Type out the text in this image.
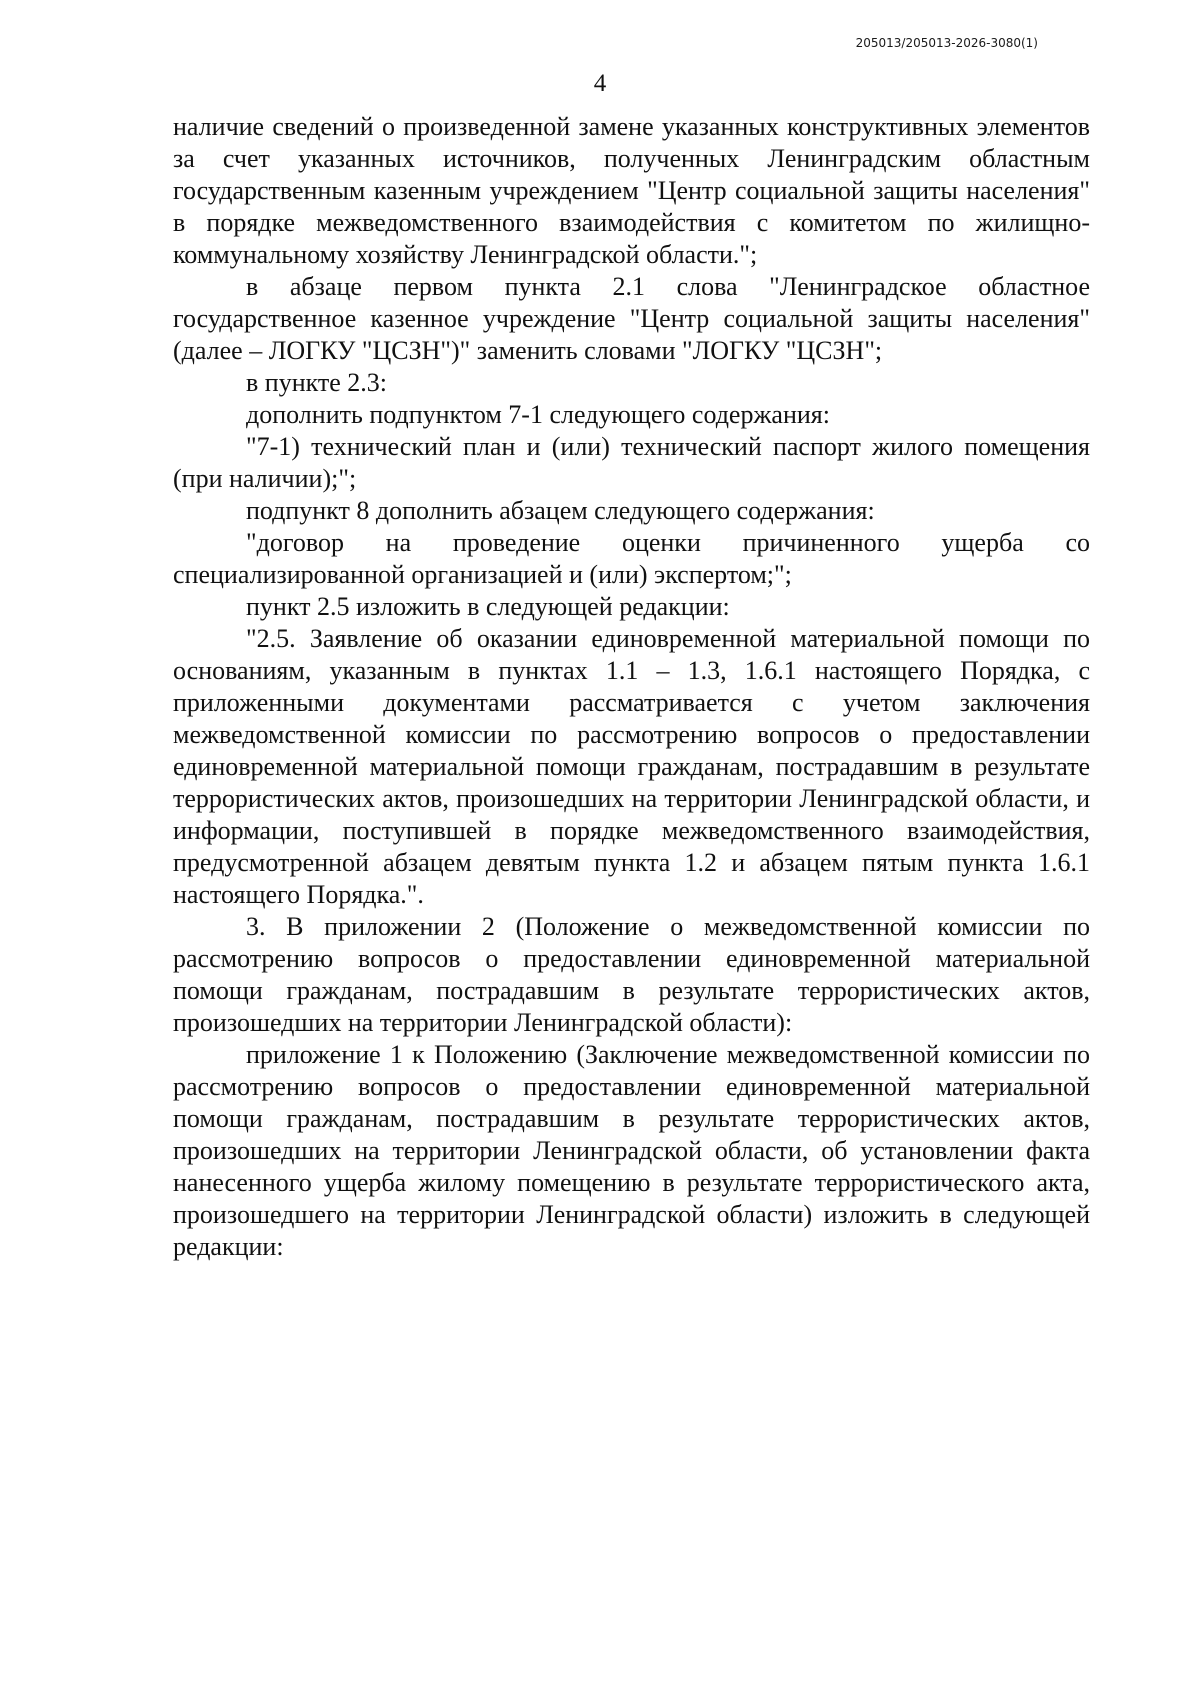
205013/205013-2026-3080(1)
4

наличие сведений о произведенной замене указанных конструктивных элементов за счет указанных источников, полученных Ленинградским областным государственным казенным учреждением "Центр социальной защиты населения" в порядке межведомственного взаимодействия с комитетом по жилищно-коммунальному хозяйству Ленинградской области.";

в абзаце первом пункта 2.1 слова "Ленинградское областное государственное казенное учреждение "Центр социальной защиты населения" (далее – ЛОГКУ "ЦСЗН")" заменить словами "ЛОГКУ "ЦСЗН";

в пункте 2.3:

дополнить подпунктом 7-1 следующего содержания:

"7-1) технический план и (или) технический паспорт жилого помещения (при наличии);";

подпункт 8 дополнить абзацем следующего содержания:

"договор на проведение оценки причиненного ущерба со специализированной организацией и (или) экспертом;";

пункт 2.5 изложить в следующей редакции:

"2.5. Заявление об оказании единовременной материальной помощи по основаниям, указанным в пунктах 1.1 – 1.3, 1.6.1 настоящего Порядка, с приложенными документами рассматривается с учетом заключения межведомственной комиссии по рассмотрению вопросов о предоставлении единовременной материальной помощи гражданам, пострадавшим в результате террористических актов, произошедших на территории Ленинградской области, и информации, поступившей в порядке межведомственного взаимодействия, предусмотренной абзацем девятым пункта 1.2 и абзацем пятым пункта 1.6.1 настоящего Порядка.".

3. В приложении 2 (Положение о межведомственной комиссии по рассмотрению вопросов о предоставлении единовременной материальной помощи гражданам, пострадавшим в результате террористических актов, произошедших на территории Ленинградской области):

приложение 1 к Положению (Заключение межведомственной комиссии по рассмотрению вопросов о предоставлении единовременной материальной помощи гражданам, пострадавшим в результате террористических актов, произошедших на территории Ленинградской области, об установлении факта нанесенного ущерба жилому помещению в результате террористического акта, произошедшего на территории Ленинградской области) изложить в следующей редакции:
